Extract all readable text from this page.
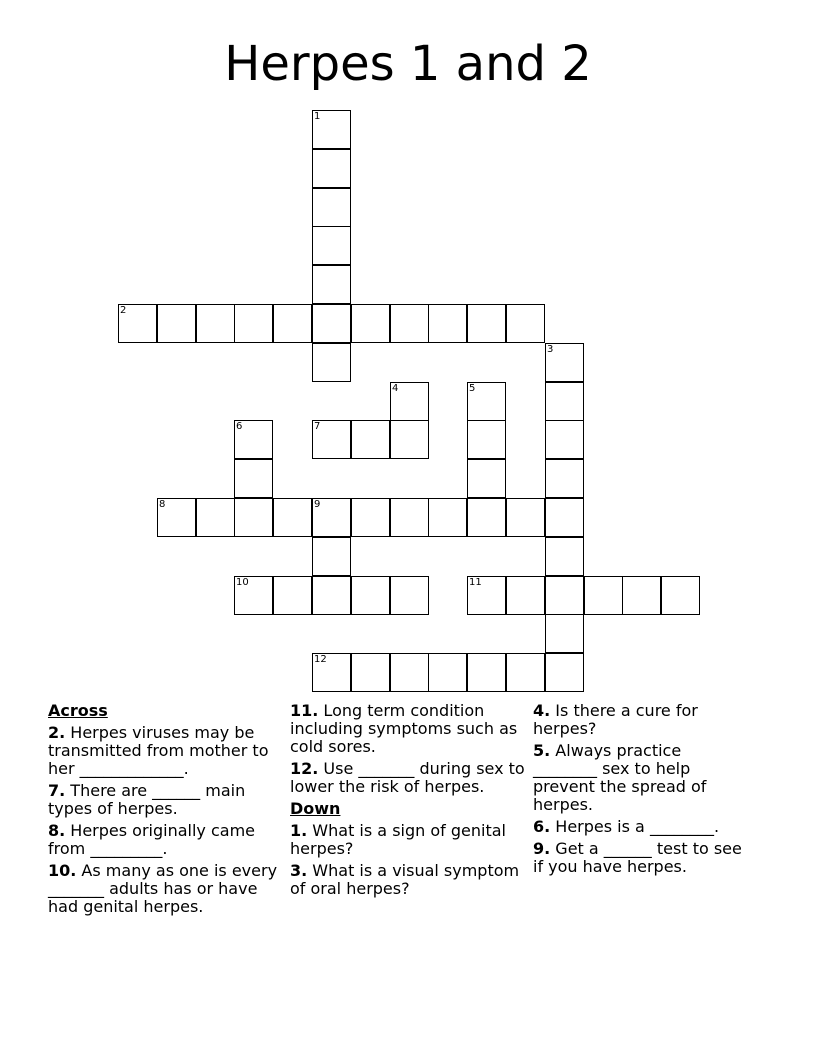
Herpes 1 and 2
1
2
3
4	5
6	7
8	9
10	11
12
Across
2. Herpes viruses may be transmitted from mother to her _____________.
7. There are ______ main types of herpes.
8. Herpes originally came from _________.
10. As many as one is every _______ adults has or have had genital herpes.
11. Long term condition including symptoms such as cold sores.
12. Use _______ during sex to lower the risk of herpes.
Down
1. What is a sign of genital herpes?
3. What is a visual symptom of oral herpes?
4. Is there a cure for herpes?
5. Always practice ________ sex to help prevent the spread of herpes.
6. Herpes is a ________.
9. Get a ______ test to see if you have herpes.
